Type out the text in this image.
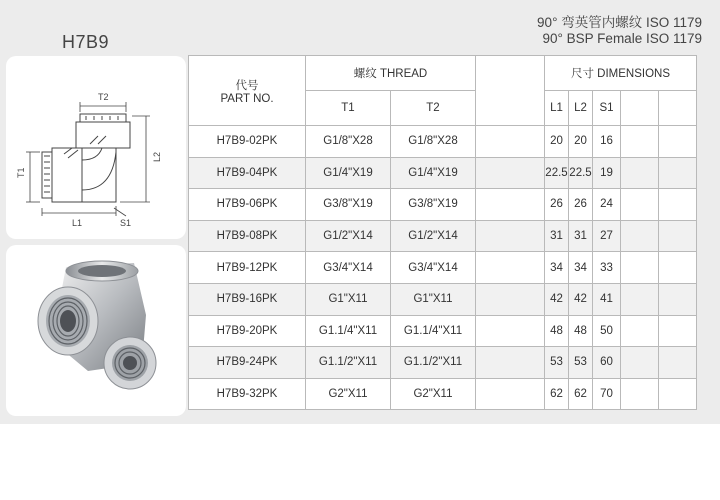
H7B9
90° 弯英管内螺纹 ISO 1179
90° BSP Female ISO 1179
T1
T2
L1
L2
S1
代号
PART NO.	螺纹 THREAD			尺寸 DIMENSIONS				
	T1	T2		L1	L2	S1		
H7B9-02PK	G1/8"X28	G1/8"X28		20	20	16		
H7B9-04PK	G1/4"X19	G1/4"X19		22.5	22.5	19		
H7B9-06PK	G3/8"X19	G3/8"X19		26	26	24		
H7B9-08PK	G1/2"X14	G1/2"X14		31	31	27		
H7B9-12PK	G3/4"X14	G3/4"X14		34	34	33		
H7B9-16PK	G1"X11	G1"X11		42	42	41		
H7B9-20PK	G1.1/4"X11	G1.1/4"X11		48	48	50		
H7B9-24PK	G1.1/2"X11	G1.1/2"X11		53	53	60		
H7B9-32PK	G2"X11	G2"X11		62	62	70		
